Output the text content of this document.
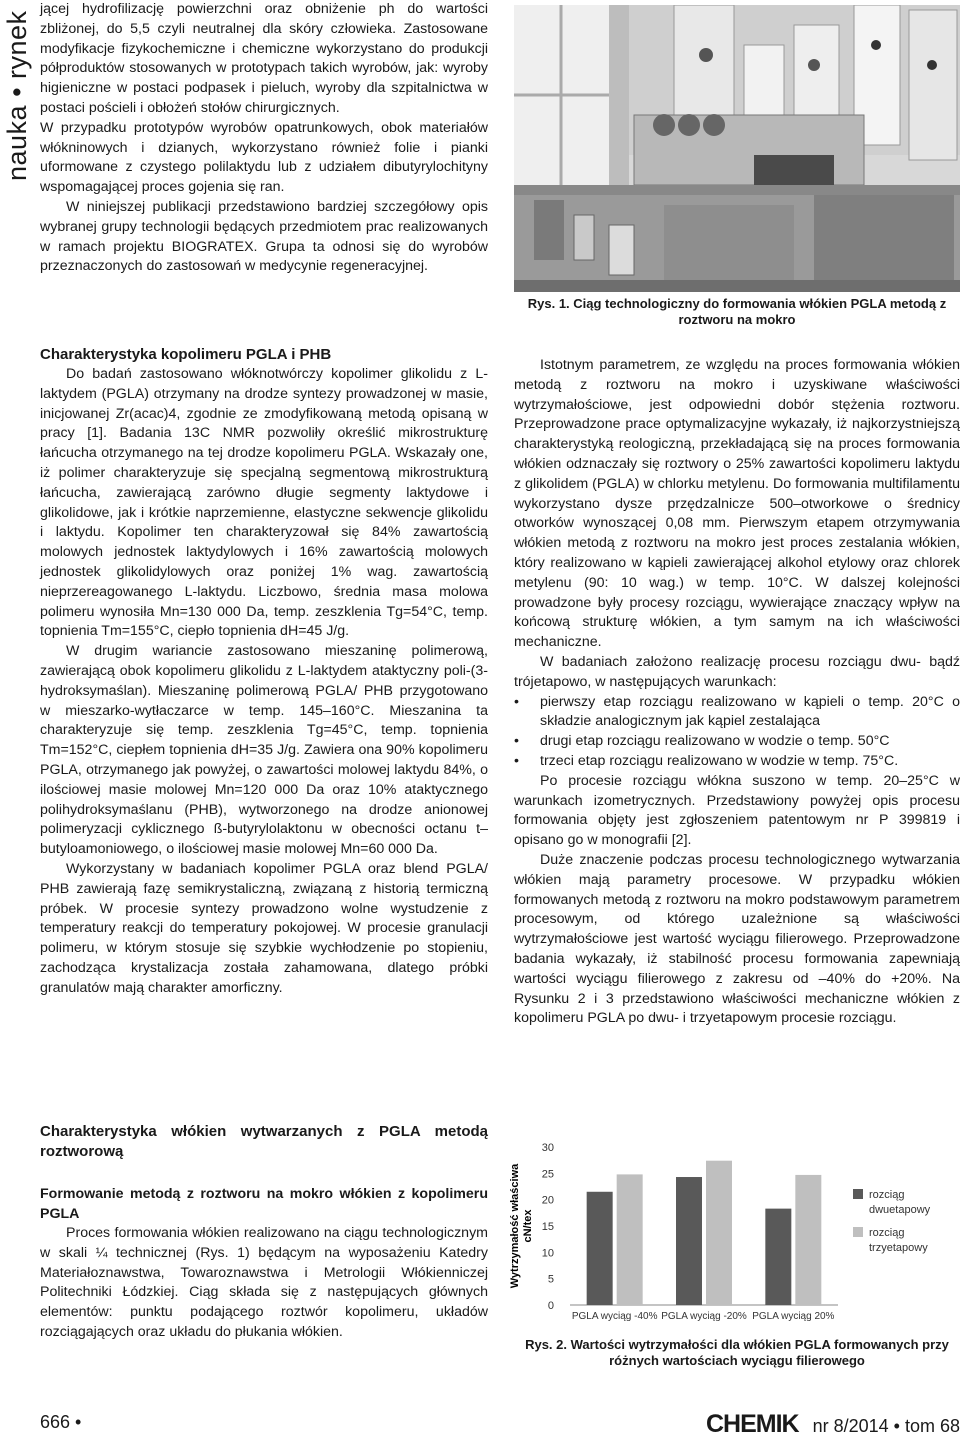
nauka • rynek

jącej hydrofilizację powierzchni oraz obniżenie ph do wartości zbliżonej, do 5,5 czyli neutralnej dla skóry człowieka. Zastosowane modyfikacje fizykochemiczne i chemiczne wykorzystano do produkcji półproduktów stosowanych w prototypach takich wyrobów, jak: wyroby higieniczne w postaci podpasek i pieluch, wyroby dla szpitalnictwa w postaci pościeli i obłożeń stołów chirurgicznych.

W przypadku prototypów wyrobów opatrunkowych, obok materiałów włókninowych i dzianych, wykorzystano również folie i pianki uformowane z czystego polilaktydu lub z udziałem dibutyrylochityny wspomagającej proces gojenia się ran.

W niniejszej publikacji przedstawiono bardziej szczegółowy opis wybranej grupy technologii będących przedmiotem prac realizowanych w ramach projektu BIOGRATEX. Grupa ta odnosi się do wyrobów przeznaczonych do zastosowań w medycynie regeneracyjnej.

Charakterystyka kopolimeru PGLA i PHB

Do badań zastosowano włóknotwórczy kopolimer glikolidu z L-laktydem (PGLA) otrzymany na drodze syntezy prowadzonej w masie, inicjowanej Zr(acac)4, zgodnie ze zmodyfikowaną metodą opisaną w pracy [1]. Badania 13C NMR pozwoliły określić mikrostrukturę łańcucha otrzymanego na tej drodze kopolimeru PGLA. Wskazały one, iż polimer charakteryzuje się specjalną segmentową mikrostrukturą łańcucha, zawierającą zarówno długie segmenty laktydowe i glikolidowe, jak i krótkie naprzemienne, elastyczne sekwencje glikolidu i laktydu. Kopolimer ten charakteryzował się 84% zawartością molowych jednostek laktydylowych i 16% zawartością molowych jednostek glikolidylowych oraz poniżej 1% wag. zawartością nieprzereagowanego L-laktydu. Liczbowo, średnia masa molowa polimeru wynosiła Mn=130 000 Da, temp. zeszklenia Tg=54°C, temp. topnienia Tm=155°C, ciepło topnienia dH=45 J/g.

W drugim wariancie zastosowano mieszaninę polimerową, zawierającą obok kopolimeru glikolidu z L-laktydem ataktyczny poli-(3-hydroksymaślan). Mieszaninę polimerową PGLA/ PHB przygotowano w mieszarko-wytłaczarce w temp. 145–160°C. Mieszanina ta charakteryzuje się temp. zeszklenia Tg=45°C, temp. topnienia Tm=152°C, ciepłem topnienia dH=35 J/g. Zawiera ona 90% kopolimeru PGLA, otrzymanego jak powyżej, o zawartości molowej laktydu 84%, o ilościowej masie molowej Mn=120 000 Da oraz 10% ataktycznego polihydroksymaślanu (PHB), wytworzonego na drodze anionowej polimeryzacji cyklicznego ß-butyrylolaktonu w obecności octanu t–butyloamoniowego, o ilościowej masie molowej Mn=60 000 Da.

Wykorzystany w badaniach kopolimer PGLA oraz blend PGLA/ PHB zawierają fazę semikrystaliczną, związaną z historią termiczną próbek. W procesie syntezy prowadzono wolne wystudzenie z temperatury reakcji do temperatury pokojowej. W procesie granulacji polimeru, w którym stosuje się szybkie wychłodzenie po stopieniu, zachodząca krystalizacja została zahamowana, dlatego próbki granulatów mają charakter amorficzny.

Charakterystyka włókien wytwarzanych z PGLA metodą roztworową
Formowanie metodą z roztworu na mokro włókien z kopolimeru PGLA

Proces formowania włókien realizowano na ciągu technologicznym w skali ¼ technicznej (Rys. 1) będącym na wyposażeniu Katedry Materiałoznawstwa, Towaroznawstwa i Metrologii Włókienniczej Politechniki Łódzkiej. Ciąg składa się z następujących głównych elementów: punktu podającego roztwór kopolimeru, układów rozciągających oraz układu do płukania włókien.

Rys. 1. Ciąg technologiczny do formowania włókien PGLA metodą z roztworu na mokro

Istotnym parametrem, ze względu na proces formowania włókien metodą z roztworu na mokro i uzyskiwane właściwości wytrzymałościowe, jest odpowiedni dobór stężenia roztworu. Przeprowadzone prace optymalizacyjne wykazały, iż najkorzystniejszą charakterystyką reologiczną, przekładającą się na proces formowania włókien odznaczały się roztwory o 25% zawartości kopolimeru laktydu z glikolidem (PGLA) w chlorku metylenu. Do formowania multifilamentu wykorzystano dysze przędzalnicze 500–otworkowe o średnicy otworków wynoszącej 0,08 mm. Pierwszym etapem otrzymywania włókien metodą z roztworu na mokro jest proces zestalania włókien, który realizowano w kąpieli zawierającej alkohol etylowy oraz chlorek metylenu (90: 10 wag.) w temp. 10°C. W dalszej kolejności prowadzone były procesy rozciągu, wywierające znaczący wpływ na końcową strukturę włókien, a tym samym na ich właściwości mechaniczne.

W badaniach założono realizację procesu rozciągu dwu- bądź trójetapowo, w następujących warunkach:

• pierwszy etap rozciągu realizowano w kąpieli o temp. 20°C o składzie analogicznym jak kąpiel zestalająca
• drugi etap rozciągu realizowano w wodzie o temp. 50°C
• trzeci etap rozciągu realizowano w wodzie w temp. 75°C.

Po procesie rozciągu włókna suszono w temp. 20–25°C w warunkach izometrycznych. Przedstawiony powyżej opis procesu formowania objęty jest zgłoszeniem patentowym nr P 399819 i opisano go w monografii [2].

Duże znaczenie podczas procesu technologicznego wytwarzania włókien mają parametry procesowe. W przypadku włókien formowanych metodą z roztworu na mokro podstawowym parametrem procesowym, od którego uzależnione są właściwości wytrzymałościowe jest wartość wyciągu filierowego. Przeprowadzone badania wykazały, iż stabilność procesu formowania zapewniają wartości wyciągu filierowego z zakresu od –40% do +20%. Na Rysunku 2 i 3 przedstawiono właściwości mechaniczne włókien z kopolimeru PGLA po dwu- i trzyetapowym procesie rozciągu.

Wytrzymałość właściwacN/tex
0
5
10
15
20
25
30
PGLA wyciąg -40% PGLA wyciąg -20% PGLA wyciąg 20%
rozciąg
dwuetapowy
rozciąg
trzyetapowy
Rys. 2. Wartości wytrzymałości dla włókien PGLA formowanych przy różnych wartościach wyciągu filierowego
666 •	CHEMIK nr 8/2014 • tom 68
